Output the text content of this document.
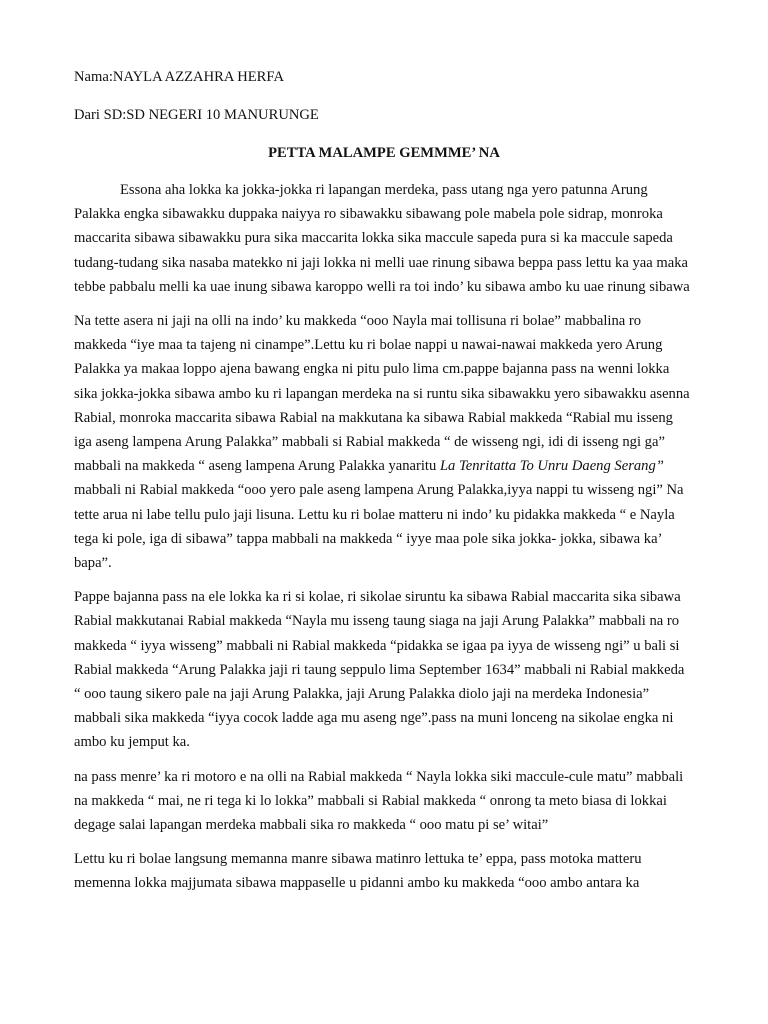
Nama:NAYLA AZZAHRA HERFA
Dari SD:SD NEGERI 10 MANURUNGE
PETTA MALAMPE GEMMME’ NA

Essona aha lokka ka jokka-jokka ri lapangan merdeka, pass utang nga yero patunna Arung Palakka engka sibawakku duppaka naiyya ro sibawakku sibawang pole mabela pole sidrap, monroka maccarita sibawa sibawakku pura sika maccarita lokka sika maccule sapeda pura si ka maccule sapeda tudang-tudang sika nasaba matekko ni jaji lokka ni melli uae rinung sibawa beppa pass lettu ka yaa maka tebbe pabbalu melli ka uae inung sibawa karoppo welli ra toi indo’ ku sibawa ambo ku uae rinung sibawa

Na tette asera ni jaji na olli na indo’ ku makkeda “ooo Nayla mai tollisuna ri bolae” mabbalina ro makkeda “iye maa ta tajeng ni cinampe”.Lettu ku ri bolae nappi u nawai-nawai makkeda yero Arung Palakka ya makaa loppo ajena bawang engka ni pitu pulo lima cm.pappe bajanna pass na wenni lokka sika jokka-jokka sibawa ambo ku ri lapangan merdeka na si runtu sika sibawakku yero sibawakku asenna Rabial, monroka maccarita sibawa Rabial na makkutana ka sibawa Rabial makkeda “Rabial mu isseng iga aseng lampena Arung Palakka” mabbali si Rabial makkeda “ de wisseng ngi, idi di isseng ngi ga” mabbali na makkeda “ aseng lampena Arung Palakka yanaritu La Tenritatta To Unru Daeng Serang” mabbali ni Rabial makkeda “ooo yero pale aseng lampena Arung Palakka,iyya nappi tu wisseng ngi” Na tette arua ni labe tellu pulo jaji lisuna. Lettu ku ri bolae matteru ni indo’ ku pidakka makkeda “ e Nayla tega ki pole, iga di sibawa” tappa mabbali na makkeda “ iyye maa pole sika jokka- jokka, sibawa ka’ bapa”.

Pappe bajanna pass na ele lokka ka ri si kolae, ri sikolae siruntu ka sibawa Rabial maccarita sika sibawa Rabial makkutanai Rabial makkeda “Nayla mu isseng taung siaga na jaji Arung Palakka” mabbali na ro makkeda “ iyya wisseng” mabbali ni Rabial makkeda “pidakka se igaa pa iyya de wisseng ngi” u bali si Rabial makkeda “Arung Palakka jaji ri taung seppulo lima September 1634” mabbali ni Rabial makkeda “ ooo taung sikero pale na jaji Arung Palakka, jaji Arung Palakka diolo jaji na merdeka Indonesia” mabbali sika makkeda “iyya cocok ladde aga mu aseng nge”.pass na muni lonceng na sikolae engka ni ambo ku jemput ka.

na pass menre’ ka ri motoro e na olli na Rabial makkeda “ Nayla lokka siki maccule-cule matu” mabbali na makkeda “ mai, ne ri tega ki lo lokka” mabbali si Rabial makkeda “ onrong ta meto biasa di lokkai degage salai lapangan merdeka mabbali sika ro makkeda “ ooo matu pi se’ witai”

Lettu ku ri bolae langsung memanna manre sibawa matinro lettuka te’ eppa, pass motoka matteru memenna lokka majjumata sibawa mappaselle u pidanni ambo ku makkeda “ooo ambo antara ka
